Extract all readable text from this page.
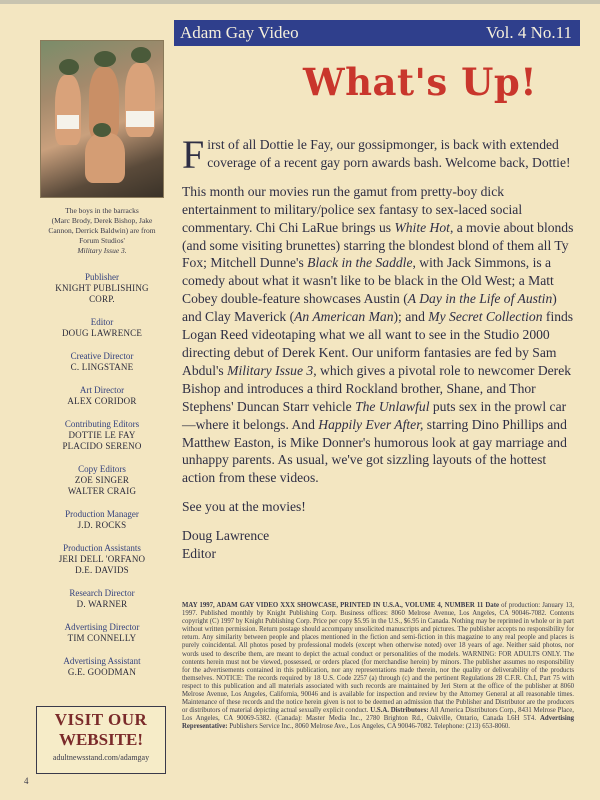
Adam Gay Video	Vol. 4 No.11
The boys in the barracks
(Marc Brody, Derek Bishop, Jake
Cannon, Derrick Baldwin) are from
Forum Studios'
Military Issue 3.
Publisher
KNIGHT PUBLISHING
CORP.
Editor
DOUG LAWRENCE
Creative Director
C. LINGSTANE
Art Director
ALEX CORIDOR
Contributing Editors
DOTTIE LE FAY
PLACIDO SERENO
Copy Editors
ZOE SINGER
WALTER CRAIG
Production Manager
J.D. ROCKS
Production Assistants
JERI DELL 'ORFANO
D.E. DAVIDS
Research Director
D. WARNER
Advertising Director
TIM CONNELLY
Advertising Assistant
G.E. GOODMAN
VISIT OUR
WEBSITE!
adultnewsstand.com/adamgay
4
What's Up!

First of all Dottie le Fay, our gossipmonger, is back with extended coverage of a recent gay porn awards bash. Welcome back, Dottie!

This month our movies run the gamut from pretty-boy dick entertainment to military/police sex fantasy to sex-laced social commentary. Chi Chi LaRue brings us White Hot, a movie about blonds (and some visiting brunettes) starring the blondest blond of them all Ty Fox; Mitchell Dunne's Black in the Saddle, with Jack Simmons, is a comedy about what it wasn't like to be black in the Old West; a Matt Cobey double-feature showcases Austin (A Day in the Life of Austin) and Clay Maverick (An American Man); and My Secret Collection finds Logan Reed videotaping what we all want to see in the Studio 2000 directing debut of Derek Kent. Our uniform fantasies are fed by Sam Abdul's Military Issue 3, which gives a pivotal role to newcomer Derek Bishop and introduces a third Rockland brother, Shane, and Thor Stephens' Duncan Starr vehicle The Unlawful puts sex in the prowl car—where it belongs. And Happily Ever After, starring Dino Phillips and Matthew Easton, is Mike Donner's humorous look at gay marriage and unhappy parents. As usual, we've got sizzling layouts of the hottest action from these videos.

See you at the movies!

Doug Lawrence
Editor
MAY 1997, ADAM GAY VIDEO XXX SHOWCASE, PRINTED IN U.S.A., VOLUME 4, NUMBER 11 Date of production: January 13, 1997. Published monthly by Knight Publishing Corp. Business offices: 8060 Melrose Avenue, Los Angeles, CA 90046-7082. Contents copyright (C) 1997 by Knight Publishing Corp. Price per copy $5.95 in the U.S., $6.95 in Canada. Nothing may be reprinted in whole or in part without written permission. Return postage should accompany unsolicited manuscripts and pictures. The publisher accepts no responsibility for return. Any similarity between people and places mentioned in the fiction and semi-fiction in this magazine to any real people and places is purely coincidental. All photos posed by professional models (except when otherwise noted) over 18 years of age. Neither said photos, nor words used to describe them, are meant to depict the actual conduct or personalities of the models. WARNING: FOR ADULTS ONLY. The contents herein must not be viewed, possessed, or orders placed (for merchandise herein) by minors. The publisher assumes no responsibility for the advertisements contained in this publication, nor any representations made therein, nor the quality or deliverability of the products themselves. NOTICE: The records required by 18 U.S. Code 2257 (a) through (c) and the pertinent Regulations 28 C.F.R. Ch.I, Part 75 with respect to this publication and all materials associated with such records are maintained by Jeri Stern at the office of the publisher at 8060 Melrose Avenue, Los Angeles, California, 90046 and is available for inspection and review by the Attorney General at all reasonable times. Maintenance of these records and the notice herein given is not to be deemed an admission that the Publisher and Distributor are the producers or distributors of material depicting actual sexually explicit conduct. U.S.A. Distributors: All America Distributors Corp., 8431 Melrose Place, Los Angeles, CA 90069-5382. (Canada): Master Media Inc., 2780 Brighton Rd., Oakville, Ontario, Canada L6H 5T4. Advertising Representative: Publishers Service Inc., 8060 Melrose Ave., Los Angeles, CA 90046-7082. Telephone: (213) 653-8060.
